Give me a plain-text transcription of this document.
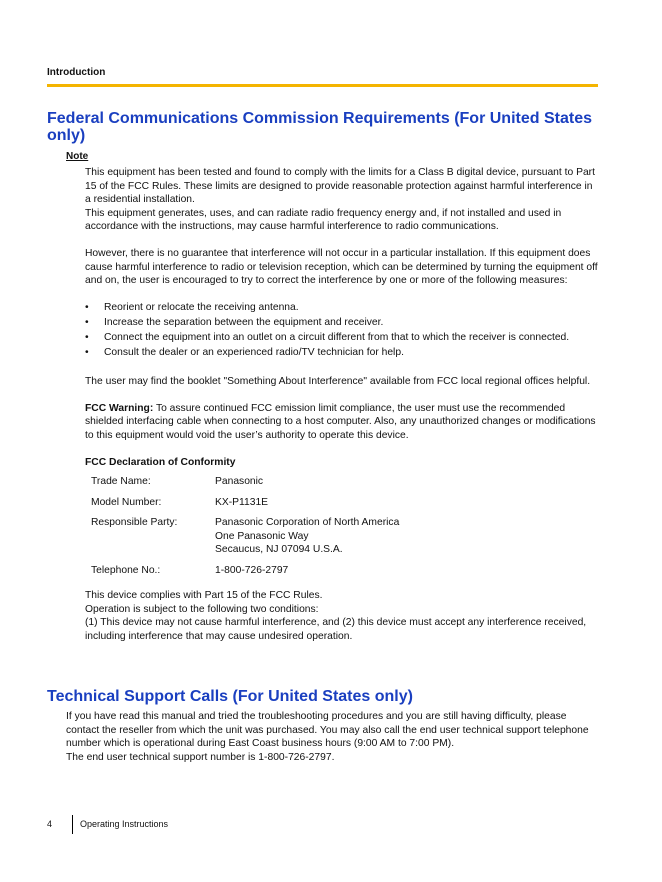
Introduction
Federal Communications Commission Requirements (For United States only)
Note

This equipment has been tested and found to comply with the limits for a Class B digital device, pursuant to Part 15 of the FCC Rules. These limits are designed to provide reasonable protection against harmful interference in a residential installation.

This equipment generates, uses, and can radiate radio frequency energy and, if not installed and used in accordance with the instructions, may cause harmful interference to radio communications.

However, there is no guarantee that interference will not occur in a particular installation. If this equipment does cause harmful interference to radio or television reception, which can be determined by turning the equipment off and on, the user is encouraged to try to correct the interference by one or more of the following measures:

• Reorient or relocate the receiving antenna.
• Increase the separation between the equipment and receiver.
• Connect the equipment into an outlet on a circuit different from that to which the receiver is connected.
• Consult the dealer or an experienced radio/TV technician for help.

The user may find the booklet "Something About Interference" available from FCC local regional offices helpful.

FCC Warning: To assure continued FCC emission limit compliance, the user must use the recommended shielded interfacing cable when connecting to a host computer. Also, any unauthorized changes or modifications to this equipment would void the user’s authority to operate this device.

FCC Declaration of Conformity

Trade Name:	Panasonic
Model Number:	KX-P1131E
Responsible Party:	Panasonic Corporation of North America
One Panasonic Way
Secaucus, NJ 07094 U.S.A.

Telephone No.:	1-800-726-2797

This device complies with Part 15 of the FCC Rules.

Operation is subject to the following two conditions:

(1) This device may not cause harmful interference, and (2) this device must accept any interference received, including interference that may cause undesired operation.

Technical Support Calls (For United States only)

If you have read this manual and tried the troubleshooting procedures and you are still having difficulty, please contact the reseller from which the unit was purchased. You may also call the end user technical support telephone number which is operational during East Coast business hours (9:00 AM to 7:00 PM).

The end user technical support number is 1-800-726-2797.

4	Operating Instructions
